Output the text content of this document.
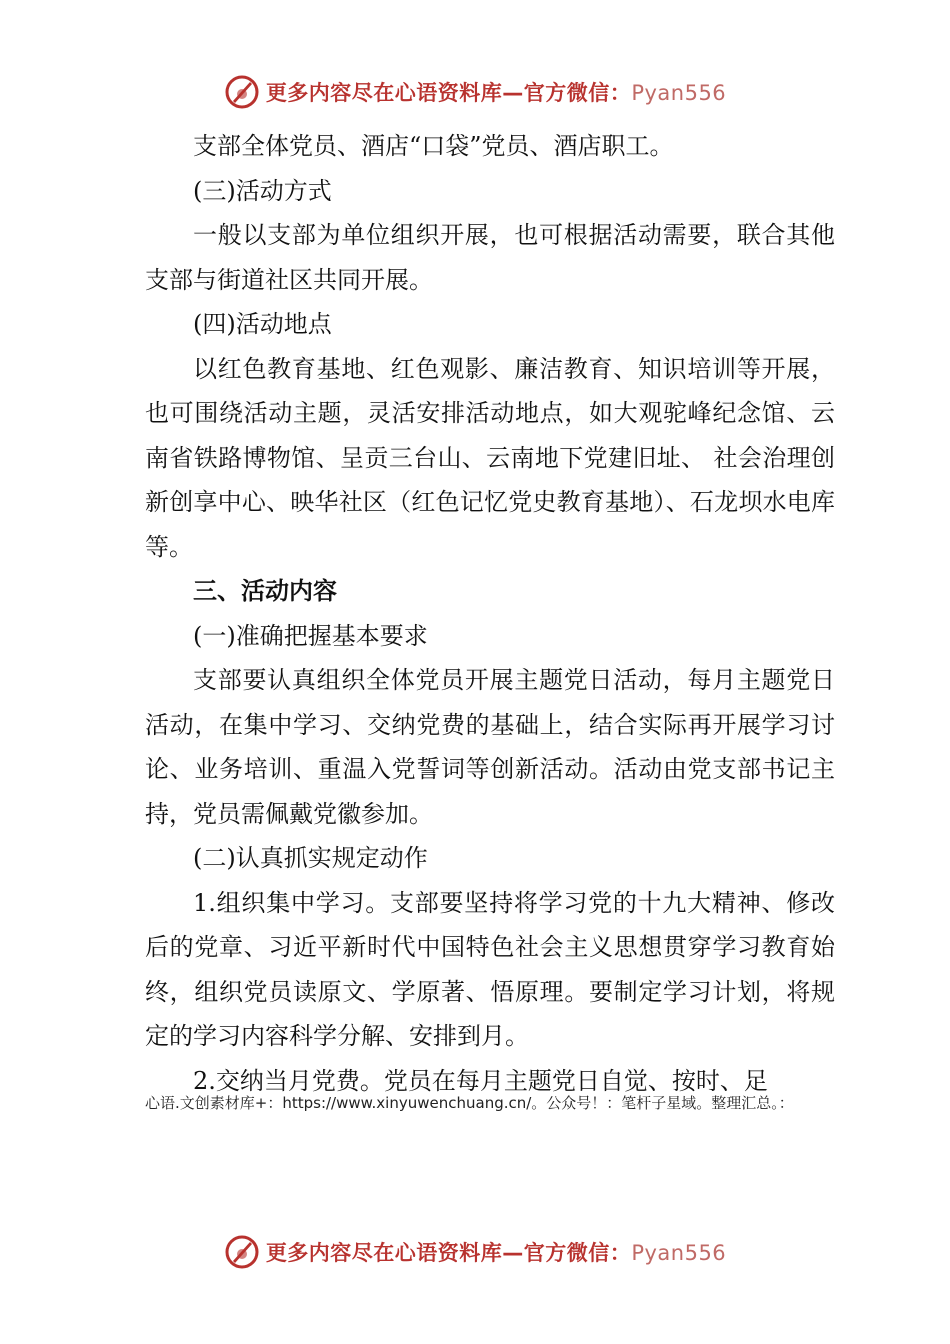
更多内容尽在心语资料库—官方微信：Pyan556

支部全体党员、酒店“口袋”党员、酒店职工。

(三)活动方式

一般以支部为单位组织开展，也可根据活动需要，联合其他支部与街道社区共同开展。

(四)活动地点

以红色教育基地、红色观影、廉洁教育、知识培训等开展，也可围绕活动主题，灵活安排活动地点，如大观驼峰纪念馆、云南省铁路博物馆、呈贡三台山、云南地下党建旧址、 社会治理创新创享中心、映华社区（红色记忆党史教育基地）、石龙坝水电库等。

三、活动内容

(一)准确把握基本要求

支部要认真组织全体党员开展主题党日活动，每月主题党日活动，在集中学习、交纳党费的基础上，结合实际再开展学习讨论、业务培训、重温入党誓词等创新活动。活动由党支部书记主持，党员需佩戴党徽参加。

(二)认真抓实规定动作

1.组织集中学习。支部要坚持将学习党的十九大精神、修改后的党章、习近平新时代中国特色社会主义思想贯穿学习教育始终，组织党员读原文、学原著、悟原理。要制定学习计划，将规定的学习内容科学分解、安排到月。

2.交纳当月党费。党员在每月主题党日自觉、按时、足

心语.文创素材库+：https://www.xinyuwenchuang.cn/。公众号！：笔杆子星域。整理汇总。：
更多内容尽在心语资料库—官方微信：Pyan556
